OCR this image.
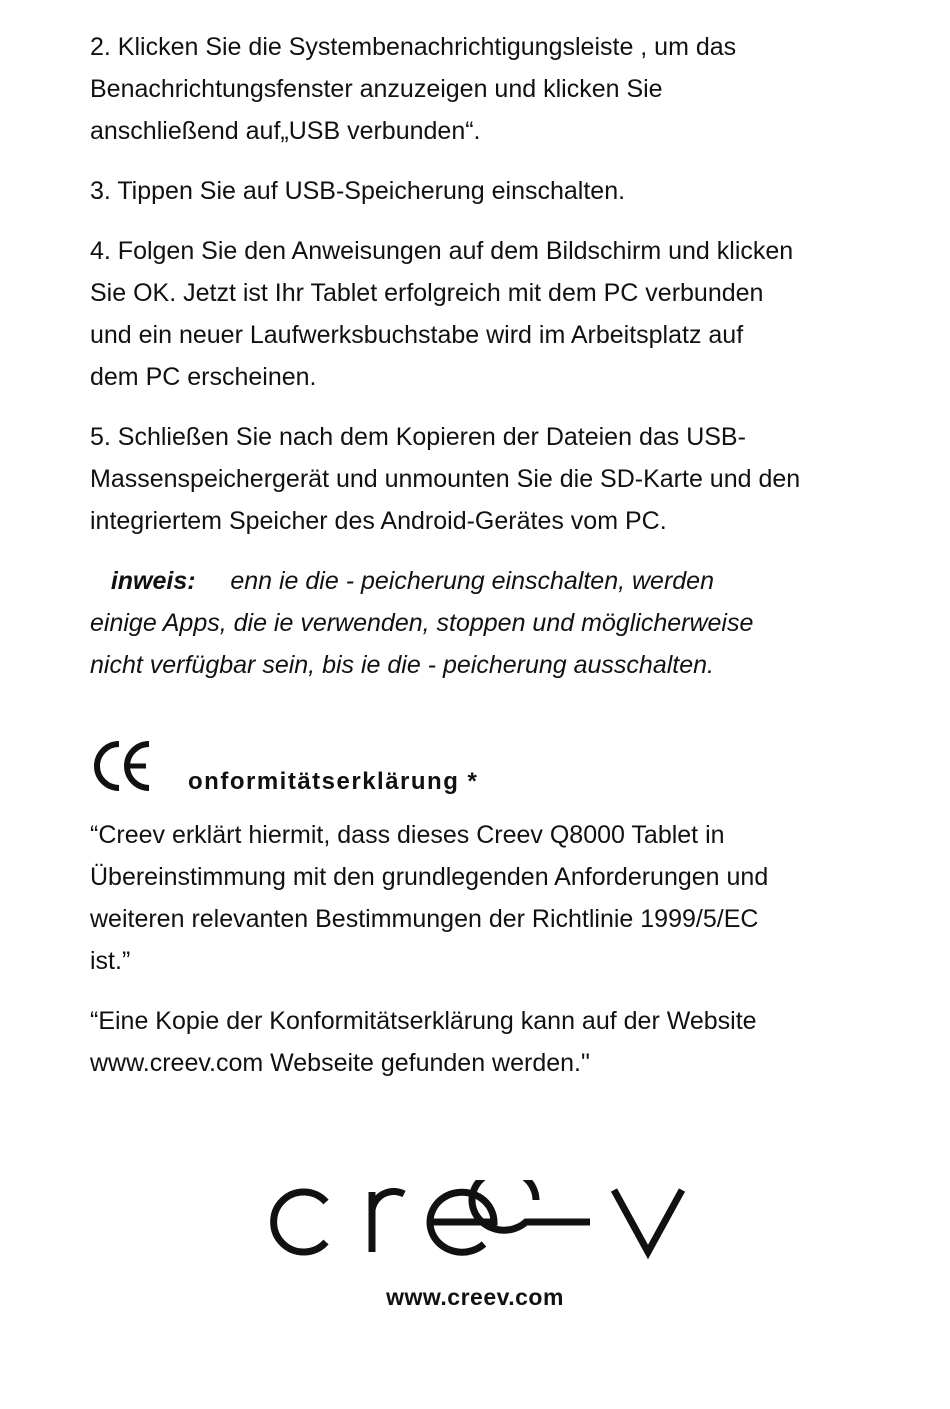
2. Klicken Sie die Systembenachrichtigungsleiste , um das
Benachrichtungsfenster anzuzeigen und klicken Sie
anschließend auf„USB verbunden“.

3. Tippen Sie auf USB-Speicherung einschalten.

4. Folgen Sie den Anweisungen auf dem Bildschirm und klicken
Sie OK. Jetzt ist Ihr Tablet erfolgreich mit dem PC verbunden
und ein neuer Laufwerksbuchstabe wird im Arbeitsplatz auf
dem PC erscheinen.

5. Schließen Sie nach dem Kopieren der Dateien das USB-
Massenspeichergerät und unmounten Sie die SD-Karte und den
integriertem Speicher des Android-Gerätes vom PC.

inweis: enn ie die - peicherung einschalten, werden
einige Apps, die ie verwenden, stoppen und möglicherweise
nicht verfügbar sein, bis ie die - peicherung ausschalten.

onformitätserklärung *

“Creev erklärt hiermit, dass dieses Creev Q8000 Tablet in
Übereinstimmung mit den grundlegenden Anforderungen und
weiteren relevanten Bestimmungen der Richtlinie 1999/5/EC
ist.”

“Eine Kopie der Konformitätserklärung kann auf der Website
www.creev.com Webseite gefunden werden."

www.creev.com
